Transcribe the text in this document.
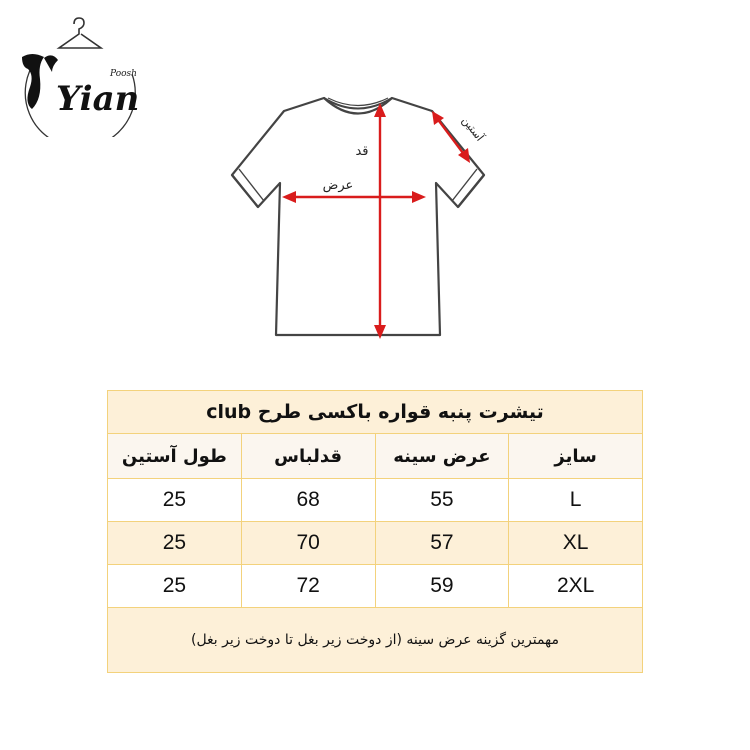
Yian
Poosh
قد
عرض
آستین
تیشرت پنبه قواره باکسی طرح club			
سایز	عرض سینه	قدلباس	طول آستین
L	55	68	25
XL	57	70	25
2XL	59	72	25
مهمترین گزینه عرض سینه (از دوخت زیر بغل تا دوخت زیر بغل)			
